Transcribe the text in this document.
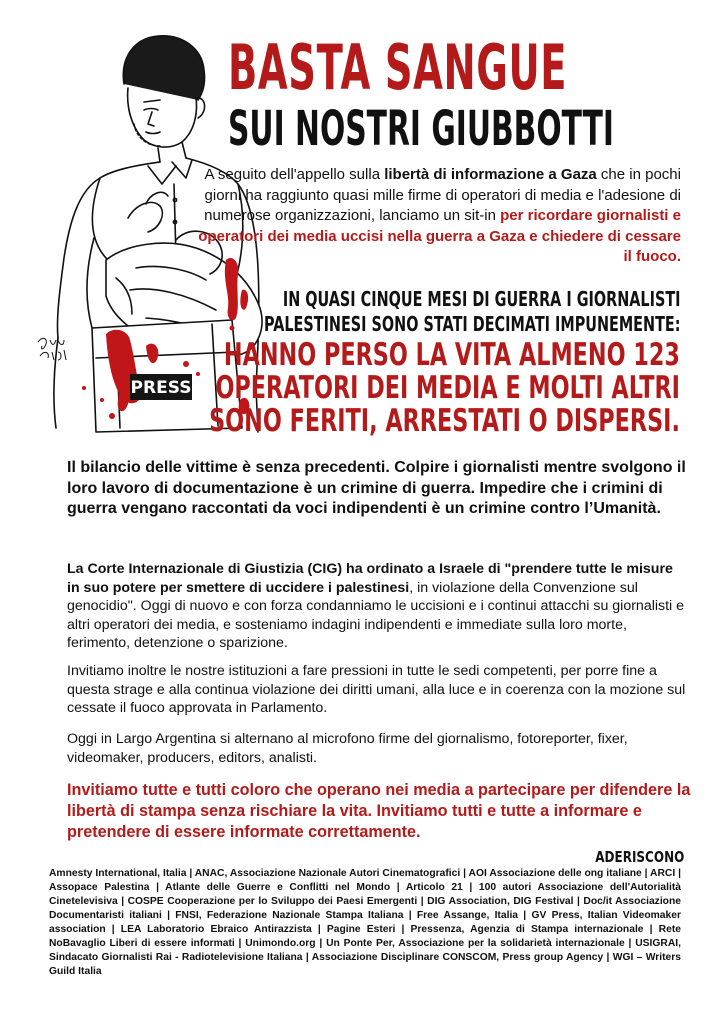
PRESS
BASTA SANGUE
SUI NOSTRI GIUBBOTTI

A seguito dell'appello sulla libertà di informazione a Gaza che in pochi giorni ha raggiunto quasi mille firme di operatori di media e l'adesione di numerose organizzazioni, lanciamo un sit-in per ricordare giornalisti e operatori dei media uccisi nella guerra a Gaza e chiedere di cessare il fuoco.

IN QUASI CINQUE MESI DI GUERRA I GIORNALISTI
PALESTINESI SONO STATI DECIMATI IMPUNEMENTE:
HANNO PERSO LA VITA ALMENO 123
OPERATORI DEI MEDIA E MOLTI ALTRI
SONO FERITI, ARRESTATI O DISPERSI.

Il bilancio delle vittime è senza precedenti. Colpire i giornalisti mentre svolgono il loro lavoro di documentazione è un crimine di guerra. Impedire che i crimini di guerra vengano raccontati da voci indipendenti è un crimine contro l’Umanità.

La Corte Internazionale di Giustizia (CIG) ha ordinato a Israele di "prendere tutte le misure in suo potere per smettere di uccidere i palestinesi, in violazione della Convenzione sul genocidio". Oggi di nuovo e con forza condanniamo le uccisioni e i continui attacchi su giornalisti e altri operatori dei media, e sosteniamo indagini indipendenti e immediate sulla loro morte, ferimento, detenzione o sparizione.

Invitiamo inoltre le nostre istituzioni a fare pressioni in tutte le sedi competenti, per porre fine a questa strage e alla continua violazione dei diritti umani, alla luce e in coerenza con la mozione sul cessate il fuoco approvata in Parlamento.

Oggi in Largo Argentina si alternano al microfono firme del giornalismo, fotoreporter, fixer, videomaker, producers, editors, analisti.

Invitiamo tutte e tutti coloro che operano nei media a partecipare per difendere la libertà di stampa senza rischiare la vita. Invitiamo tutti e tutte a informare e pretendere di essere informate correttamente.

ADERISCONO

Amnesty International, Italia | ANAC, Associazione Nazionale Autori Cinematografici | AOI Associazione delle ong italiane | ARCI | Assopace Palestina | Atlante delle Guerre e Conflitti nel Mondo | Articolo 21 | 100 autori Associazione dell'Autorialità Cinetelevisiva | COSPE Cooperazione per lo Sviluppo dei Paesi Emergenti | DIG Association, DIG Festival | Doc/it Associazione Documentaristi italiani | FNSI, Federazione Nazionale Stampa Italiana | Free Assange, Italia | GV Press, Italian Videomaker association | LEA Laboratorio Ebraico Antirazzista | Pagine Esteri | Pressenza, Agenzia di Stampa internazionale | Rete NoBavaglio Liberi di essere informati | Unimondo.org | Un Ponte Per, Associazione per la solidarietà internazionale | USIGRAI, Sindacato Giornalisti Rai - Radiotelevisione Italiana | Associazione Disciplinare CONSCOM, Press group Agency | WGI – Writers Guild Italia
